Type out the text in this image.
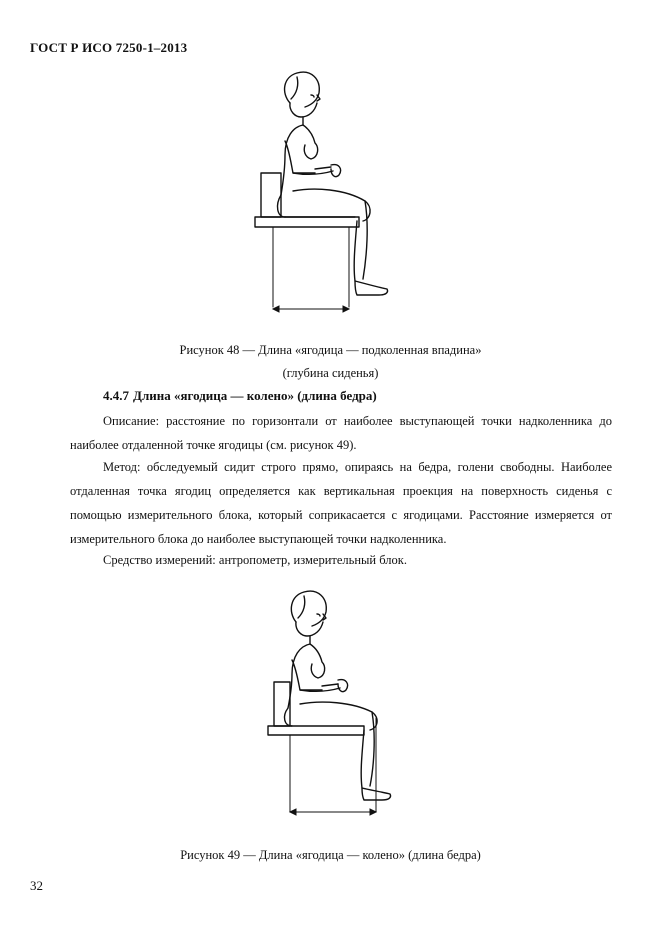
ГОСТ Р ИСО 7250-1–2013
Рисунок 48 — Длина «ягодица — подколенная впадина»
(глубина сиденья)
4.4.7 Длина «ягодица — колено» (длина бедра)

Описание: расстояние по горизонтали от наиболее выступающей точки надколенника до наиболее отдаленной точке ягодицы (см. рисунок 49).

Метод: обследуемый сидит строго прямо, опираясь на бедра, голени свободны. Наиболее отдаленная точка ягодиц определяется как вертикальная проекция на поверхность сиденья с помощью измерительного блока, который соприкасается с ягодицами. Расстояние измеряется от измерительного блока до наиболее выступающей точки надколенника.

Средство измерений: антропометр, измерительный блок.

Рисунок 49 — Длина «ягодица — колено» (длина бедра)
32
